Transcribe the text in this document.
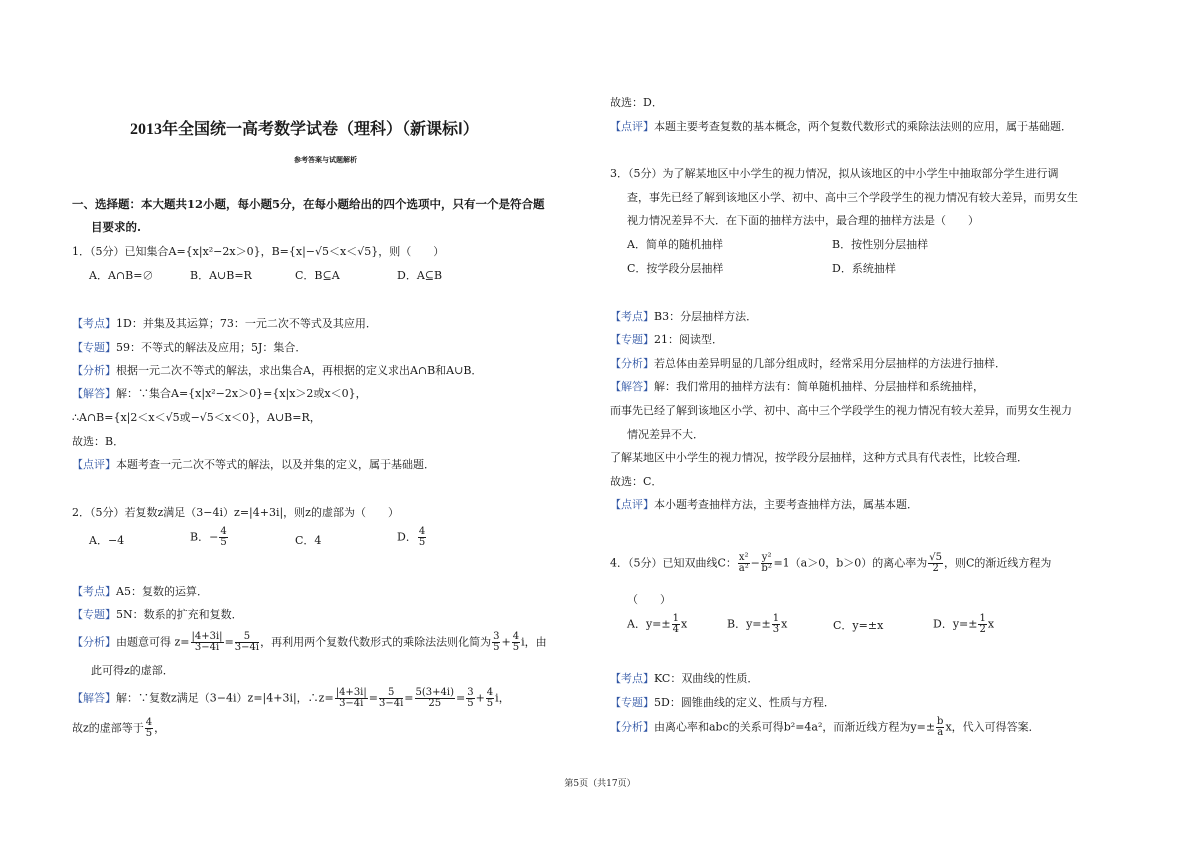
2013年全国统一高考数学试卷（理科）（新课标Ⅰ）
参考答案与试题解析
一、选择题：本大题共12小题，每小题5分，在每小题给出的四个选项中，只有一个是符合题
目要求的.
1．（5分）已知集合A={x|x²−2x＞0}，B={x|−√5＜x＜√5}，则（　　）
A．A∩B=∅	B．A∪B=R	C．B⊆A	D．A⊆B
【考点】1D：并集及其运算；73：一元二次不等式及其应用．
【专题】59：不等式的解法及应用；5J：集合．
【分析】根据一元二次不等式的解法，求出集合A，再根据的定义求出A∩B和A∪B．
【解答】解：∵集合A={x|x²−2x＞0}={x|x＞2或x＜0}，
∴A∩B={x|2＜x＜√5或−√5＜x＜0}，A∪B=R，
故选：B．
【点评】本题考查一元二次不等式的解法，以及并集的定义，属于基础题．
2．（5分）若复数z满足（3−4i）z=|4+3i|，则z的虚部为（　　）
A．−4	B．− $\frac{4}{5}$	C．4	D． $\frac{4}{5}$
【考点】A5：复数的运算．
【专题】5N：数系的扩充和复数．
【分析】由题意可得 $z= \frac{|4+3i|}{3-4i} = \frac{5}{3-4i}$ ，再利用两个复数代数形式的乘除法法则化简为 $\frac{3}{5} + \frac{4}{5}$ i，由
此可得z的虚部．
【解答】解：∵复数z满足（3−4i）z=|4+3i|，∴z= $\frac{|4+3i|}{3-4i} = \frac{5}{3-4i} = \frac{5(3+4i)}{25} = \frac{3}{5} + \frac{4}{5}$ i，
故z的虚部等于 $\frac{4}{5}$ ，
故选：D．
【点评】本题主要考查复数的基本概念，两个复数代数形式的乘除法法则的应用，属于基础题．
3．（5分）为了解某地区中小学生的视力情况，拟从该地区的中小学生中抽取部分学生进行调
查，事先已经了解到该地区小学、初中、高中三个学段学生的视力情况有较大差异，而男女生
视力情况差异不大．在下面的抽样方法中，最合理的抽样方法是（　　）
A．简单的随机抽样	B．按性别分层抽样
C．按学段分层抽样	D．系统抽样
【考点】B3：分层抽样方法．
【专题】21：阅读型．
【分析】若总体由差异明显的几部分组成时，经常采用分层抽样的方法进行抽样．
【解答】解：我们常用的抽样方法有：简单随机抽样、分层抽样和系统抽样，
而事先已经了解到该地区小学、初中、高中三个学段学生的视力情况有较大差异，而男女生视力
情况差异不大．
了解某地区中小学生的视力情况，按学段分层抽样，这种方式具有代表性，比较合理．
故选：C．
【点评】本小题考查抽样方法，主要考查抽样方法，属基本题．
4．（5分）已知双曲线C： $\frac{\text{x²}}{\text{a²}} - \frac{\text{y²}}{\text{b²}} =1(a>0$，b＞0）的离心率为 $\frac{√5}{2}$ ，则C的渐近线方程为
（　　）
A．$y=\pm \frac{1}{4}$ x	B．$y=\pm \frac{1}{3}$ x	C．y=±x	D．$y=\pm \frac{1}{2}$ x
【考点】KC：双曲线的性质．
【专题】5D：圆锥曲线的定义、性质与方程．
【分析】由离心率和abc的关系可得b²=4a²，而渐近线方程为$y=\pm \frac{b}{a}$ x，代入可得答案．
第5页（共17页）
